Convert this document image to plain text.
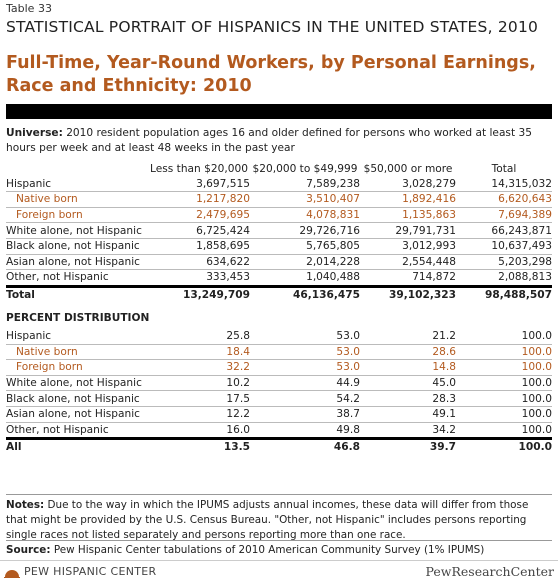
Table 33
STATISTICAL PORTRAIT OF HISPANICS IN THE UNITED STATES, 2010
Full-Time, Year-Round Workers, by Personal Earnings, Race and Ethnicity: 2010
Universe: 2010 resident population ages 16 and older defined for persons who worked at least 35 hours per week and at least 48 weeks in the past year
	Less than $20,000	$20,000 to $49,999	$50,000 or more	Total
Hispanic	3,697,515	7,589,238	3,028,279	14,315,032
Native born	1,217,820	3,510,407	1,892,416	6,620,643
Foreign born	2,479,695	4,078,831	1,135,863	7,694,389
White alone, not Hispanic	6,725,424	29,726,716	29,791,731	66,243,871
Black alone, not Hispanic	1,858,695	5,765,805	3,012,993	10,637,493
Asian alone, not Hispanic	634,622	2,014,228	2,554,448	5,203,298
Other, not Hispanic	333,453	1,040,488	714,872	2,088,813
Total	13,249,709	46,136,475	39,102,323	98,488,507

PERCENT DISTRIBUTION				

Hispanic	25.8	53.0	21.2	100.0
Native born	18.4	53.0	28.6	100.0
Foreign born	32.2	53.0	14.8	100.0
White alone, not Hispanic	10.2	44.9	45.0	100.0
Black alone, not Hispanic	17.5	54.2	28.3	100.0
Asian alone, not Hispanic	12.2	38.7	49.1	100.0
Other, not Hispanic	16.0	49.8	34.2	100.0
All	13.5	46.8	39.7	100.0
Notes: Due to the way in which the IPUMS adjusts annual incomes, these data will differ from those that might be provided by the U.S. Census Bureau. "Other, not Hispanic" includes persons reporting single races not listed separately and persons reporting more than one race.
Source: Pew Hispanic Center tabulations of 2010 American Community Survey (1% IPUMS)
PEW HISPANIC CENTER	PewResearchCenter
